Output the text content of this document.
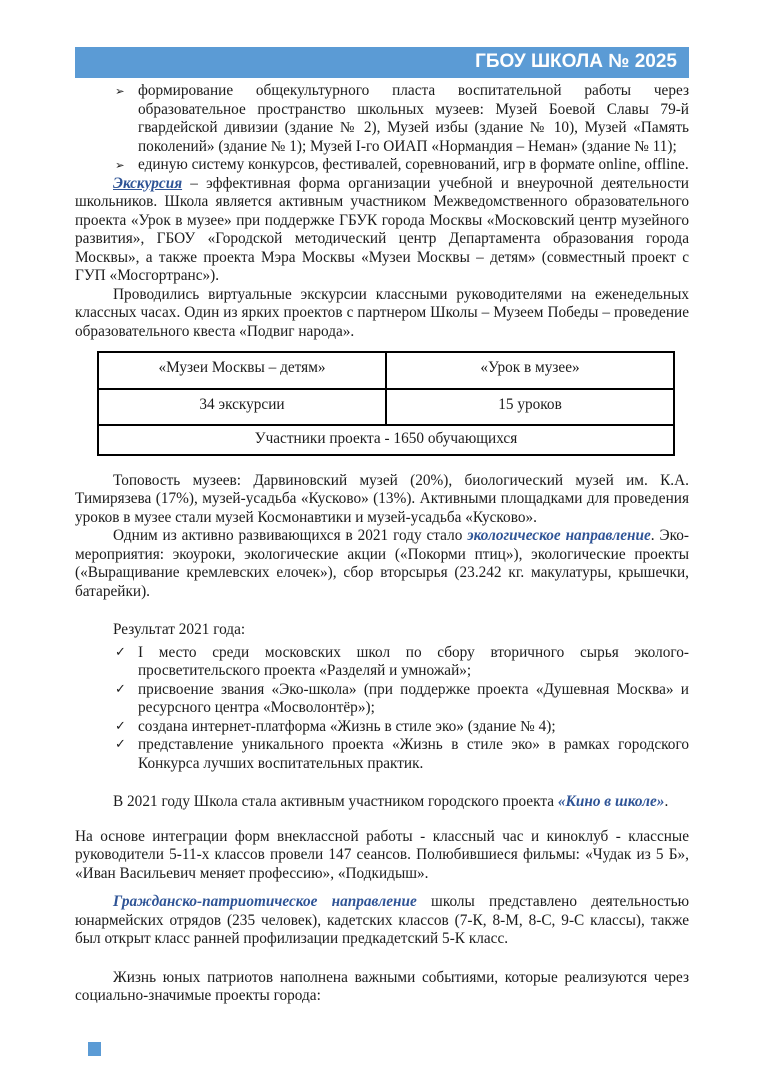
ГБОУ ШКОЛА № 2025
➢ формирование общекультурного пласта воспитательной работы через образовательное пространство школьных музеев: Музей Боевой Славы 79-й гвардейской дивизии (здание № 2), Музей избы (здание № 10), Музей «Память поколений» (здание № 1); Музей I-го ОИАП «Нормандия – Неман» (здание № 11);
➢ единую систему конкурсов, фестивалей, соревнований, игр в формате online, offline.

Экскурсия – эффективная форма организации учебной и внеурочной деятельности школьников. Школа является активным участником Межведомственного образовательного проекта «Урок в музее» при поддержке ГБУК города Москвы «Московский центр музейного развития», ГБОУ «Городской методический центр Департамента образования города Москвы», а также проекта Мэра Москвы «Музеи Москвы – детям» (совместный проект с ГУП «Мосгортранс»).

Проводились виртуальные экскурсии классными руководителями на еженедельных классных часах. Один из ярких проектов с партнером Школы – Музеем Победы – проведение образовательного квеста «Подвиг народа».

«Музеи Москвы – детям»	«Урок в музее»
34 экскурсии	15 уроков
Участники проекта - 1650 обучающихся	

Топовость музеев: Дарвиновский музей (20%), биологический музей им. К.А. Тимирязева (17%), музей-усадьба «Кусково» (13%). Активными площадками для проведения уроков в музее стали музей Космонавтики и музей-усадьба «Кусково».

Одним из активно развивающихся в 2021 году стало экологическое направление. Эко-мероприятия: экоуроки, экологические акции («Покорми птиц»), экологические проекты («Выращивание кремлевских елочек»), сбор вторсырья (23.242 кг. макулатуры, крышечки, батарейки).

Результат 2021 года:

✓ I место среди московских школ по сбору вторичного сырья эколого-просветительского проекта «Разделяй и умножай»;
✓ присвоение звания «Эко-школа» (при поддержке проекта «Душевная Москва» и ресурсного центра «Мосволонтёр»);
✓ создана интернет-платформа «Жизнь в стиле эко» (здание № 4);
✓ представление уникального проекта «Жизнь в стиле эко» в рамках городского Конкурса лучших воспитательных практик.

В 2021 году Школа стала активным участником городского проекта «Кино в школе».

На основе интеграции форм внеклассной работы - классный час и киноклуб - классные руководители 5-11-х классов провели 147 сеансов. Полюбившиеся фильмы: «Чудак из 5 Б», «Иван Васильевич меняет профессию», «Подкидыш».

Гражданско-патриотическое направление школы представлено деятельностью юнармейских отрядов (235 человек), кадетских классов (7-К, 8-М, 8-С, 9-С классы), также был открыт класс ранней профилизации предкадетский 5-К класс.

Жизнь юных патриотов наполнена важными событиями, которые реализуются через социально-значимые проекты города:
